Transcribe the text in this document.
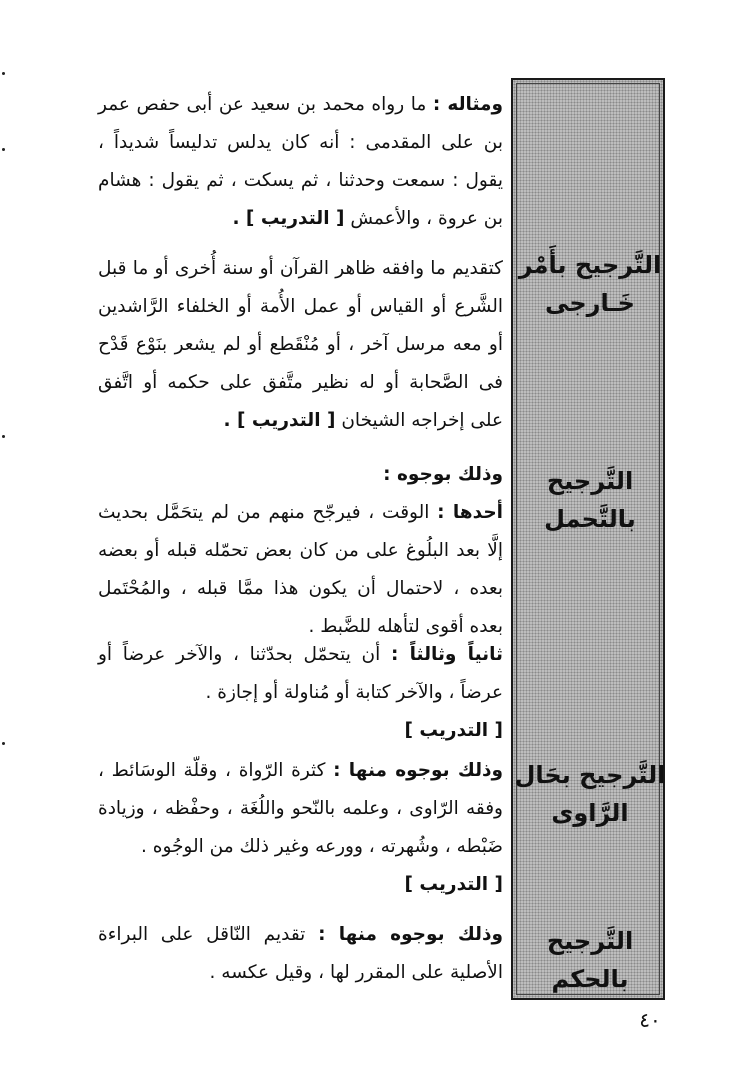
التَّرجيح بأَمْر
خَـارجى
التَّرجيح بالتَّحمل
التَّرجيح بحَال
الرَّاوى
التَّرجيح بالحكم
ومثاله : ما رواه محمد بن سعيد عن أبى حفص عمر بن على المقدمى : أنه كان يدلس تدليساً شديداً ، يقول : سمعت وحدثنا ، ثم يسكت ، ثم يقول : هشام بن عروة ، والأعمش [ التدريب ] .
كتقديم ما وافقه ظاهر القرآن أو سنة أُخرى أو ما قبل الشَّرع أو القياس أو عمل الأُمة أو الخلفاء الرَّاشدين أو معه مرسل آخر ، أو مُنْقَطع أو لم يشعر بنَوْع قَدْح فى الصَّحابة أو له نظير متَّفق على حكمه أو اتَّفق على إخراجه الشيخان [ التدريب ] .
وذلك بوجوه :
أحدها : الوقت ، فيرجّح منهم من لم يتحَمَّل بحديث إلَّا بعد البلُوغ على من كان بعض تحمّله قبله أو بعضه بعده ، لاحتمال أن يكون هذا ممَّا قبله ، والمُحْتَمل بعده أقوى لتأهله للضَّبط .
ثانياً وثالثاً : أن يتحمّل بحدّثنا ، والآخر عرضاً أو عرضاً ، والآخر كتابة أو مُناولة أو إجازة .
[ التدريب ]
وذلك بوجوه منها : كثرة الرّواة ، وقلّة الوسَائط ، وفقه الرّاوى ، وعلمه بالنّحو واللُغَة ، وحفْظه ، وزيادة ضَبْطه ، وشُهرته ، وورعه وغير ذلك من الوجُوه .
[ التدريب ]
وذلك بوجوه منها : تقديم النّاقل على البراءة الأصلية على المقرر لها ، وقيل عكسه .
٤٠
